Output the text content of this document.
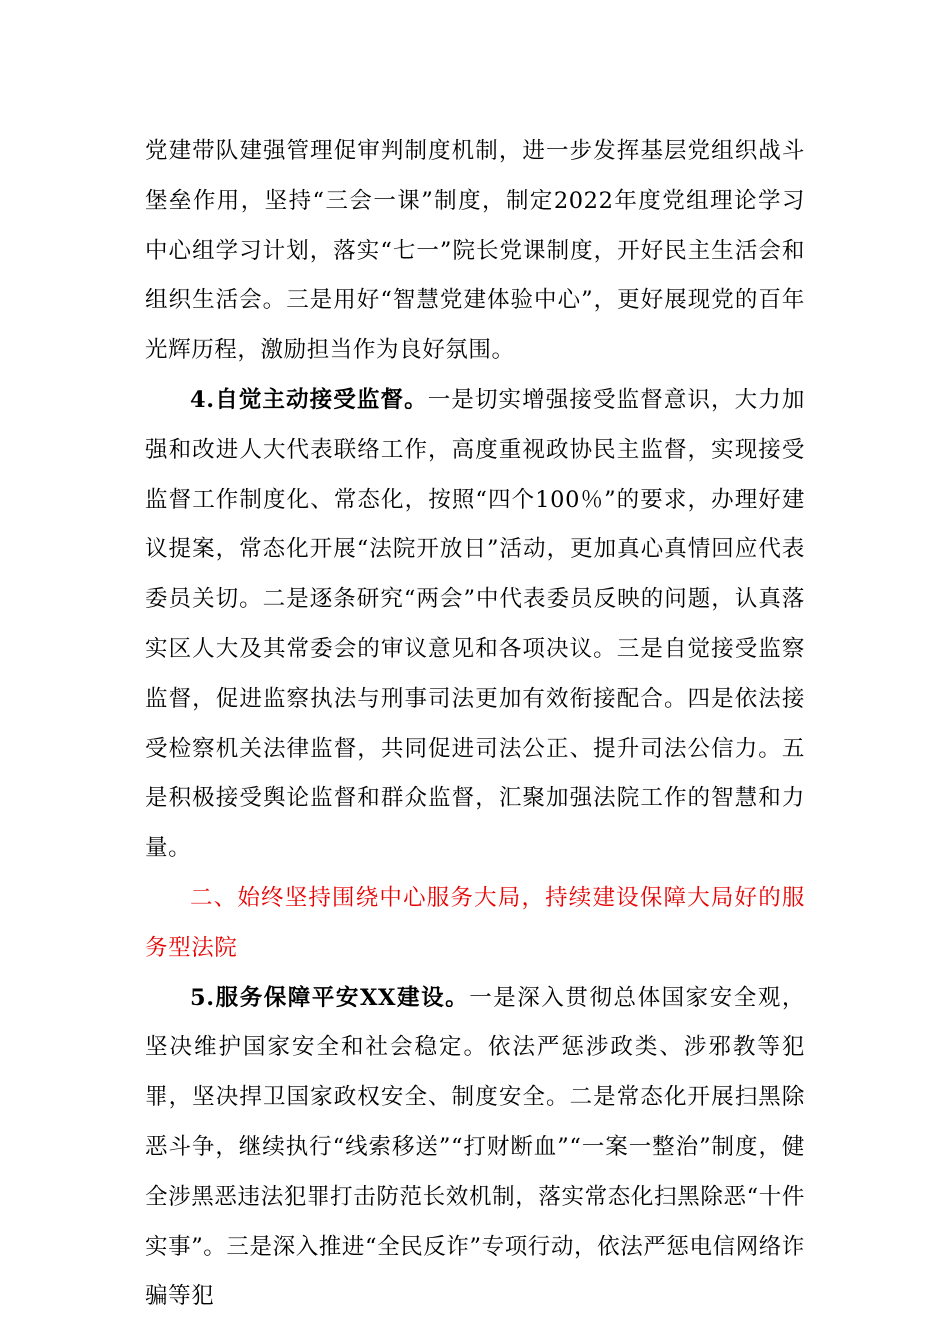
党建带队建强管理促审判制度机制，进一步发挥基层党组织战斗堡垒作用，坚持“三会一课”制度，制定2022年度党组理论学习中心组学习计划，落实“七一”院长党课制度，开好民主生活会和组织生活会。三是用好“智慧党建体验中心”，更好展现党的百年光辉历程，激励担当作为良好氛围。

4.自觉主动接受监督。一是切实增强接受监督意识，大力加强和改进人大代表联络工作，高度重视政协民主监督，实现接受监督工作制度化、常态化，按照“四个100％”的要求，办理好建议提案，常态化开展“法院开放日”活动，更加真心真情回应代表委员关切。二是逐条研究“两会”中代表委员反映的问题，认真落实区人大及其常委会的审议意见和各项决议。三是自觉接受监察监督，促进监察执法与刑事司法更加有效衔接配合。四是依法接受检察机关法律监督，共同促进司法公正、提升司法公信力。五是积极接受舆论监督和群众监督，汇聚加强法院工作的智慧和力量。

二、始终坚持围绕中心服务大局，持续建设保障大局好的服务型法院

5.服务保障平安XX建设。一是深入贯彻总体国家安全观，坚决维护国家安全和社会稳定。依法严惩涉政类、涉邪教等犯罪，坚决捍卫国家政权安全、制度安全。二是常态化开展扫黑除恶斗争，继续执行“线索移送”“打财断血”“一案一整治”制度，健全涉黑恶违法犯罪打击防范长效机制，落实常态化扫黑除恶“十件实事”。三是深入推进“全民反诈”专项行动，依法严惩电信网络诈骗等犯
